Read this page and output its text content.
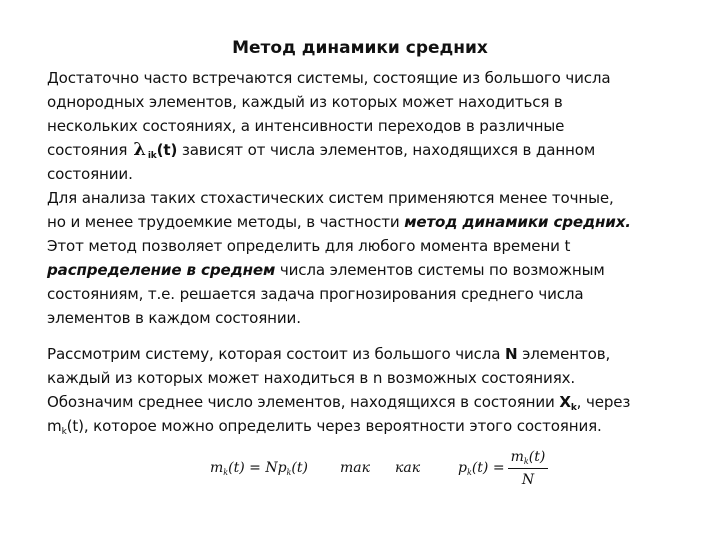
Метод динамики средних
Достаточно часто встречаются системы, состоящие из большого числа
однородных элементов, каждый из которых может находиться в
нескольких состояниях, а интенсивности переходов в различные
состояния λ $_{ik}$(t) зависят от числа элементов, находящихся в данном
состоянии.
Для анализа таких стохастических систем применяются менее точные,
но и менее трудоемкие методы, в частности метод динамики средних.
Этот метод позволяет определить для любого момента времени t
распределение в среднем числа элементов системы по возможным
состояниям, т.е. решается задача прогнозирования среднего числа
элементов в каждом состоянии.
Рассмотрим систему, которая состоит из большого числа N элементов,
каждый из которых может находиться в n возможных состояниях.
Обозначим среднее число элементов, находящихся в состоянии $X_k$, через
$m_k(t)$, которое можно определить через вероятности этого состояния.
$m_k(t) = Np_k(t)$ так как	$p_k(t)$ =
$m_k(t)$
N
